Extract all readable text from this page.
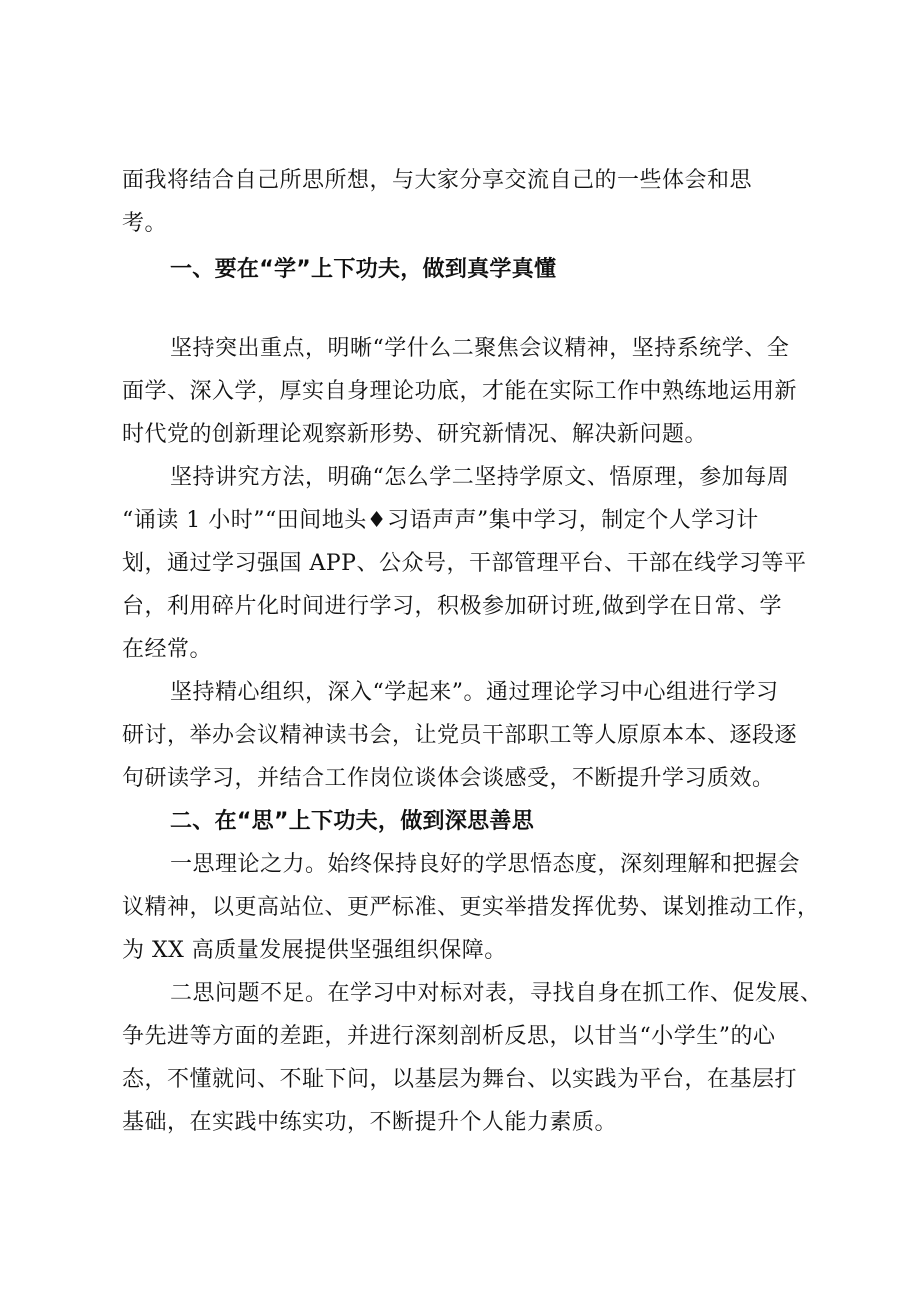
面我将结合自己所思所想，与大家分享交流自己的一些体会和思
考。
一、要在“学”上下功夫，做到真学真懂
坚持突出重点，明晰“学什么二聚焦会议精神，坚持系统学、全
面学、深入学，厚实自身理论功底，才能在实际工作中熟练地运用新
时代党的创新理论观察新形势、研究新情况、解决新问题。
坚持讲究方法，明确“怎么学二坚持学原文、悟原理，参加每周
“诵读 1 小时”“田间地头♦习语声声”集中学习，制定个人学习计
划，通过学习强国 APP、公众号，干部管理平台、干部在线学习等平
台，利用碎片化时间进行学习，积极参加研讨班,做到学在日常、学
在经常。
坚持精心组织，深入“学起来”。通过理论学习中心组进行学习
研讨，举办会议精神读书会，让党员干部职工等人原原本本、逐段逐
句研读学习，并结合工作岗位谈体会谈感受，不断提升学习质效。
二、在“思”上下功夫，做到深思善思
一思理论之力。始终保持良好的学思悟态度，深刻理解和把握会
议精神，以更高站位、更严标准、更实举措发挥优势、谋划推动工作，
为 XX 高质量发展提供坚强组织保障。
二思问题不足。在学习中对标对表，寻找自身在抓工作、促发展、
争先进等方面的差距，并进行深刻剖析反思，以甘当“小学生”的心
态，不懂就问、不耻下问，以基层为舞台、以实践为平台，在基层打
基础，在实践中练实功，不断提升个人能力素质。
